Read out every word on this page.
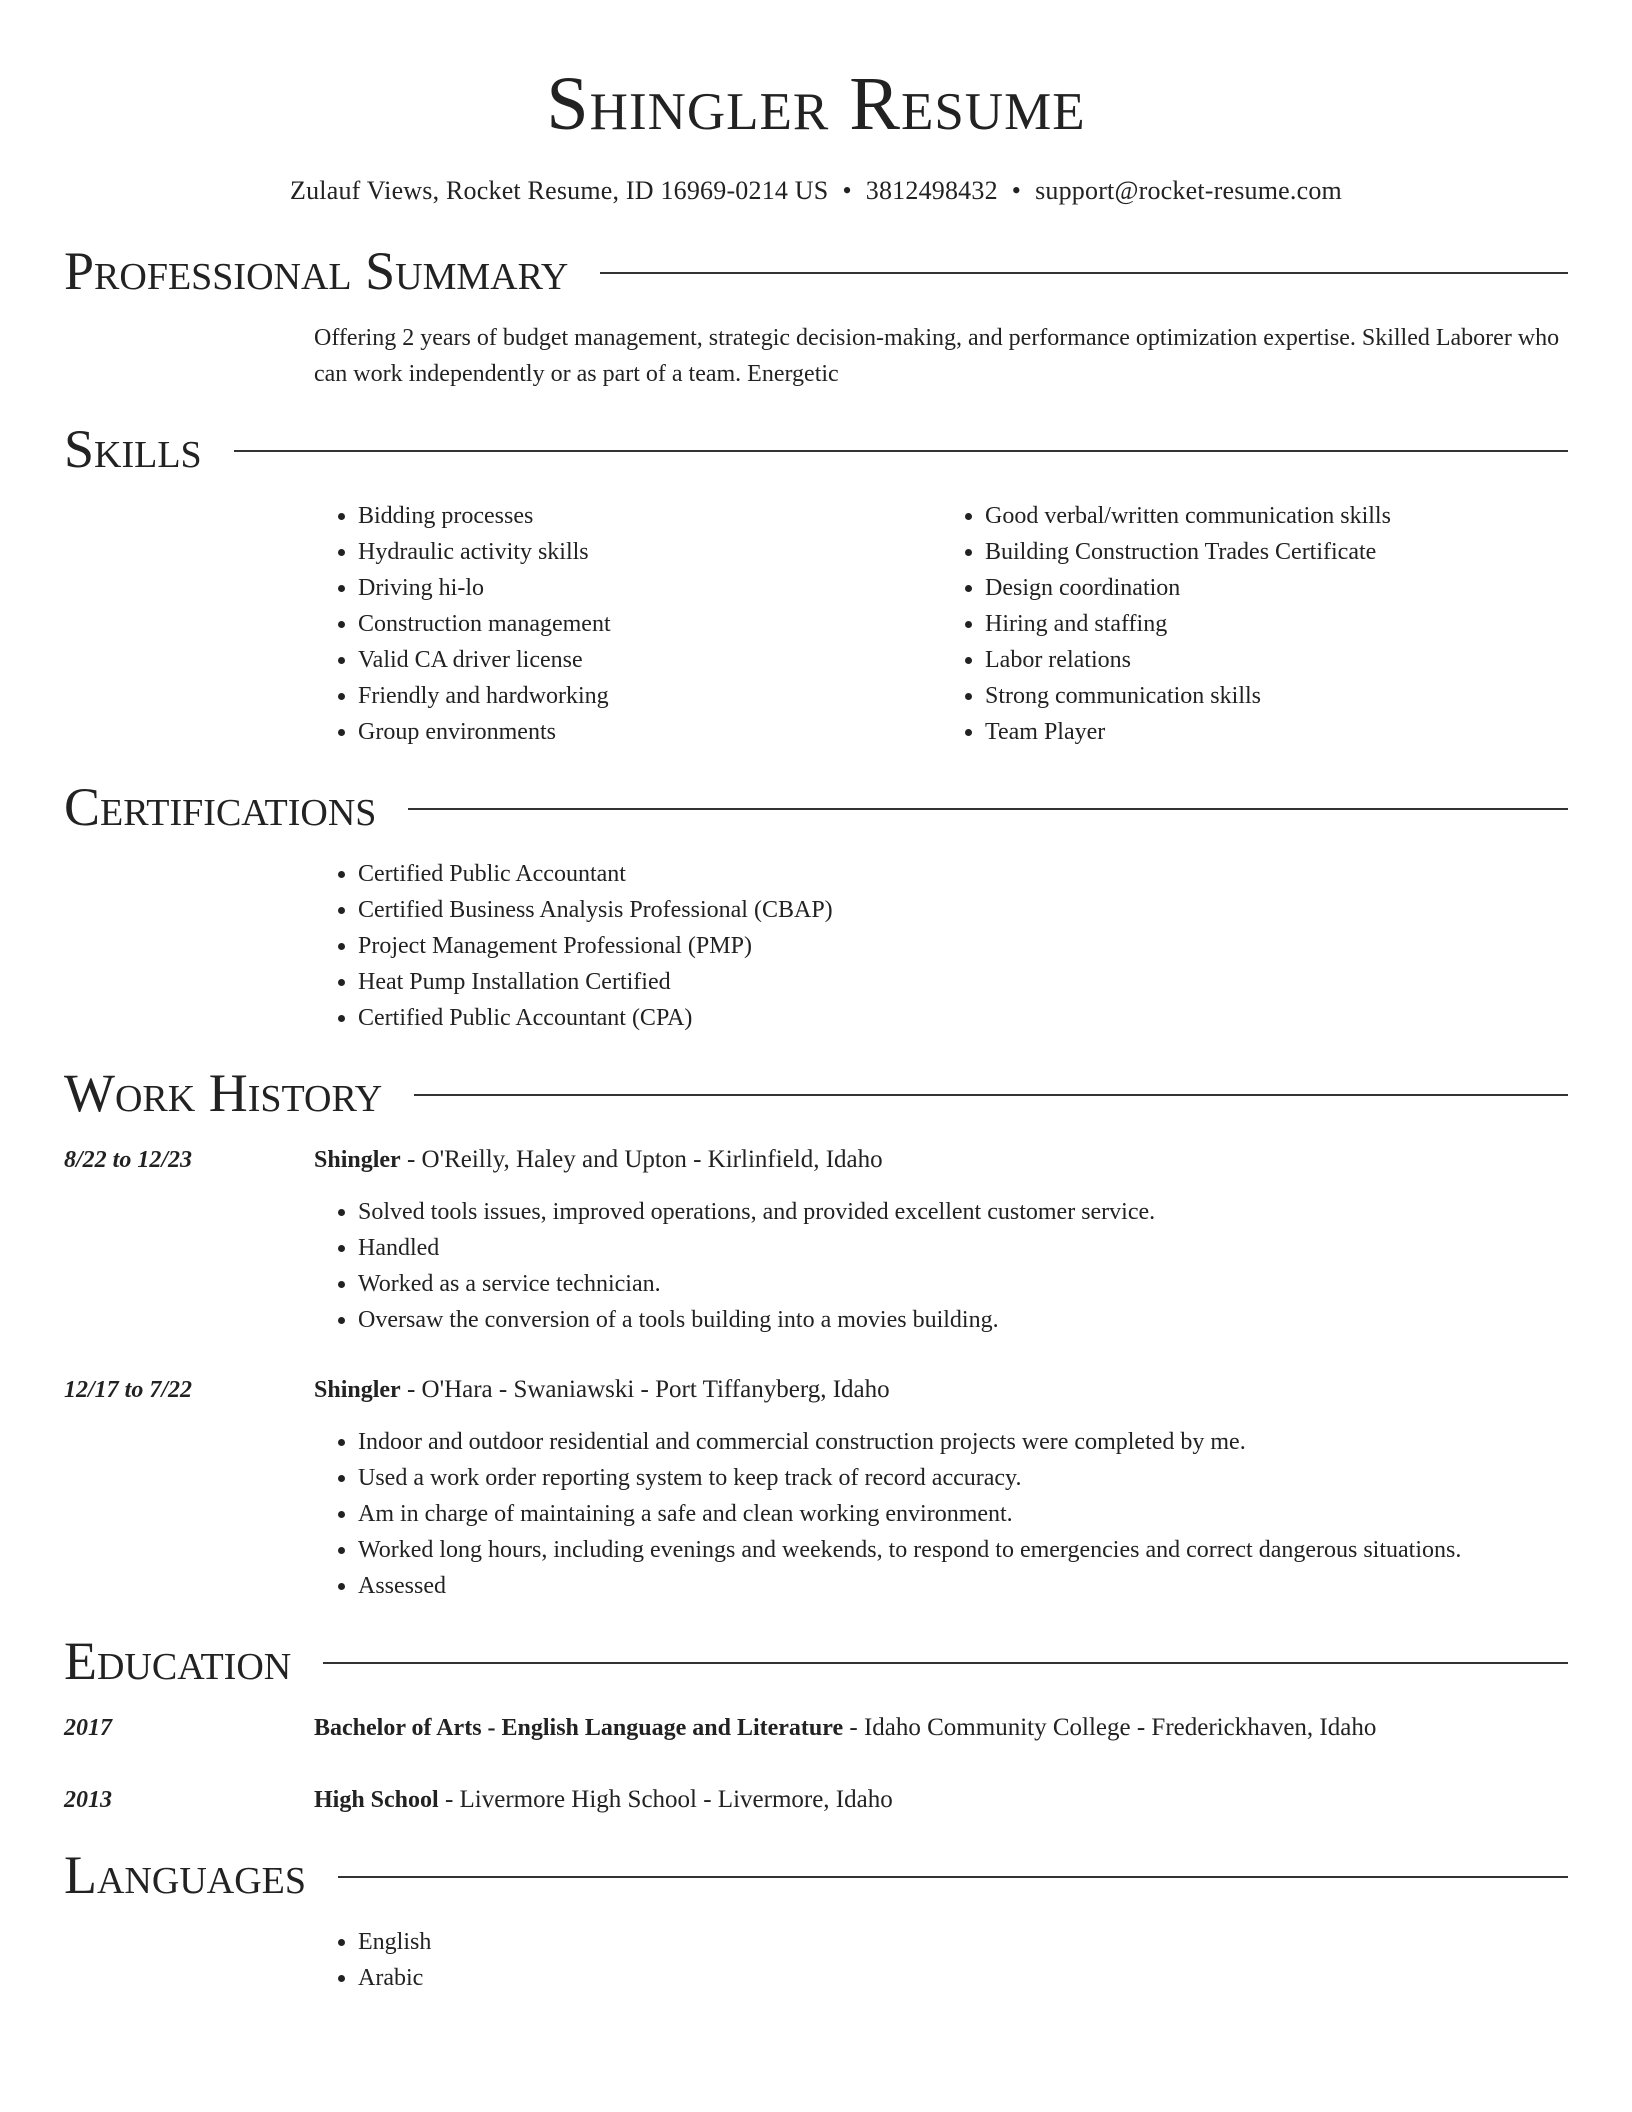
Shingler Resume
Zulauf Views, Rocket Resume, ID 16969-0214 US • 3812498432 • support@rocket-resume.com
Professional Summary
Offering 2 years of budget management, strategic decision-making, and performance optimization expertise. Skilled Laborer who can work independently or as part of a team. Energetic
Skills
• Bidding processes
• Hydraulic activity skills
• Driving hi-lo
• Construction management
• Valid CA driver license
• Friendly and hardworking
• Group environments
• Good verbal/written communication skills
• Building Construction Trades Certificate
• Design coordination
• Hiring and staffing
• Labor relations
• Strong communication skills
• Team Player
Certifications
• Certified Public Accountant
• Certified Business Analysis Professional (CBAP)
• Project Management Professional (PMP)
• Heat Pump Installation Certified
• Certified Public Accountant (CPA)
Work History
8/22 to 12/23	Shingler - O'Reilly, Haley and Upton - Kirlinfield, Idaho
• Solved tools issues, improved operations, and provided excellent customer service.
• Handled
• Worked as a service technician.
• Oversaw the conversion of a tools building into a movies building.
12/17 to 7/22	Shingler - O'Hara - Swaniawski - Port Tiffanyberg, Idaho
• Indoor and outdoor residential and commercial construction projects were completed by me.
• Used a work order reporting system to keep track of record accuracy.
• Am in charge of maintaining a safe and clean working environment.
• Worked long hours, including evenings and weekends, to respond to emergencies and correct dangerous situations.
• Assessed
Education
2017	Bachelor of Arts - English Language and Literature - Idaho Community College - Frederickhaven, Idaho
2013	High School - Livermore High School - Livermore, Idaho
Languages
• English
• Arabic
